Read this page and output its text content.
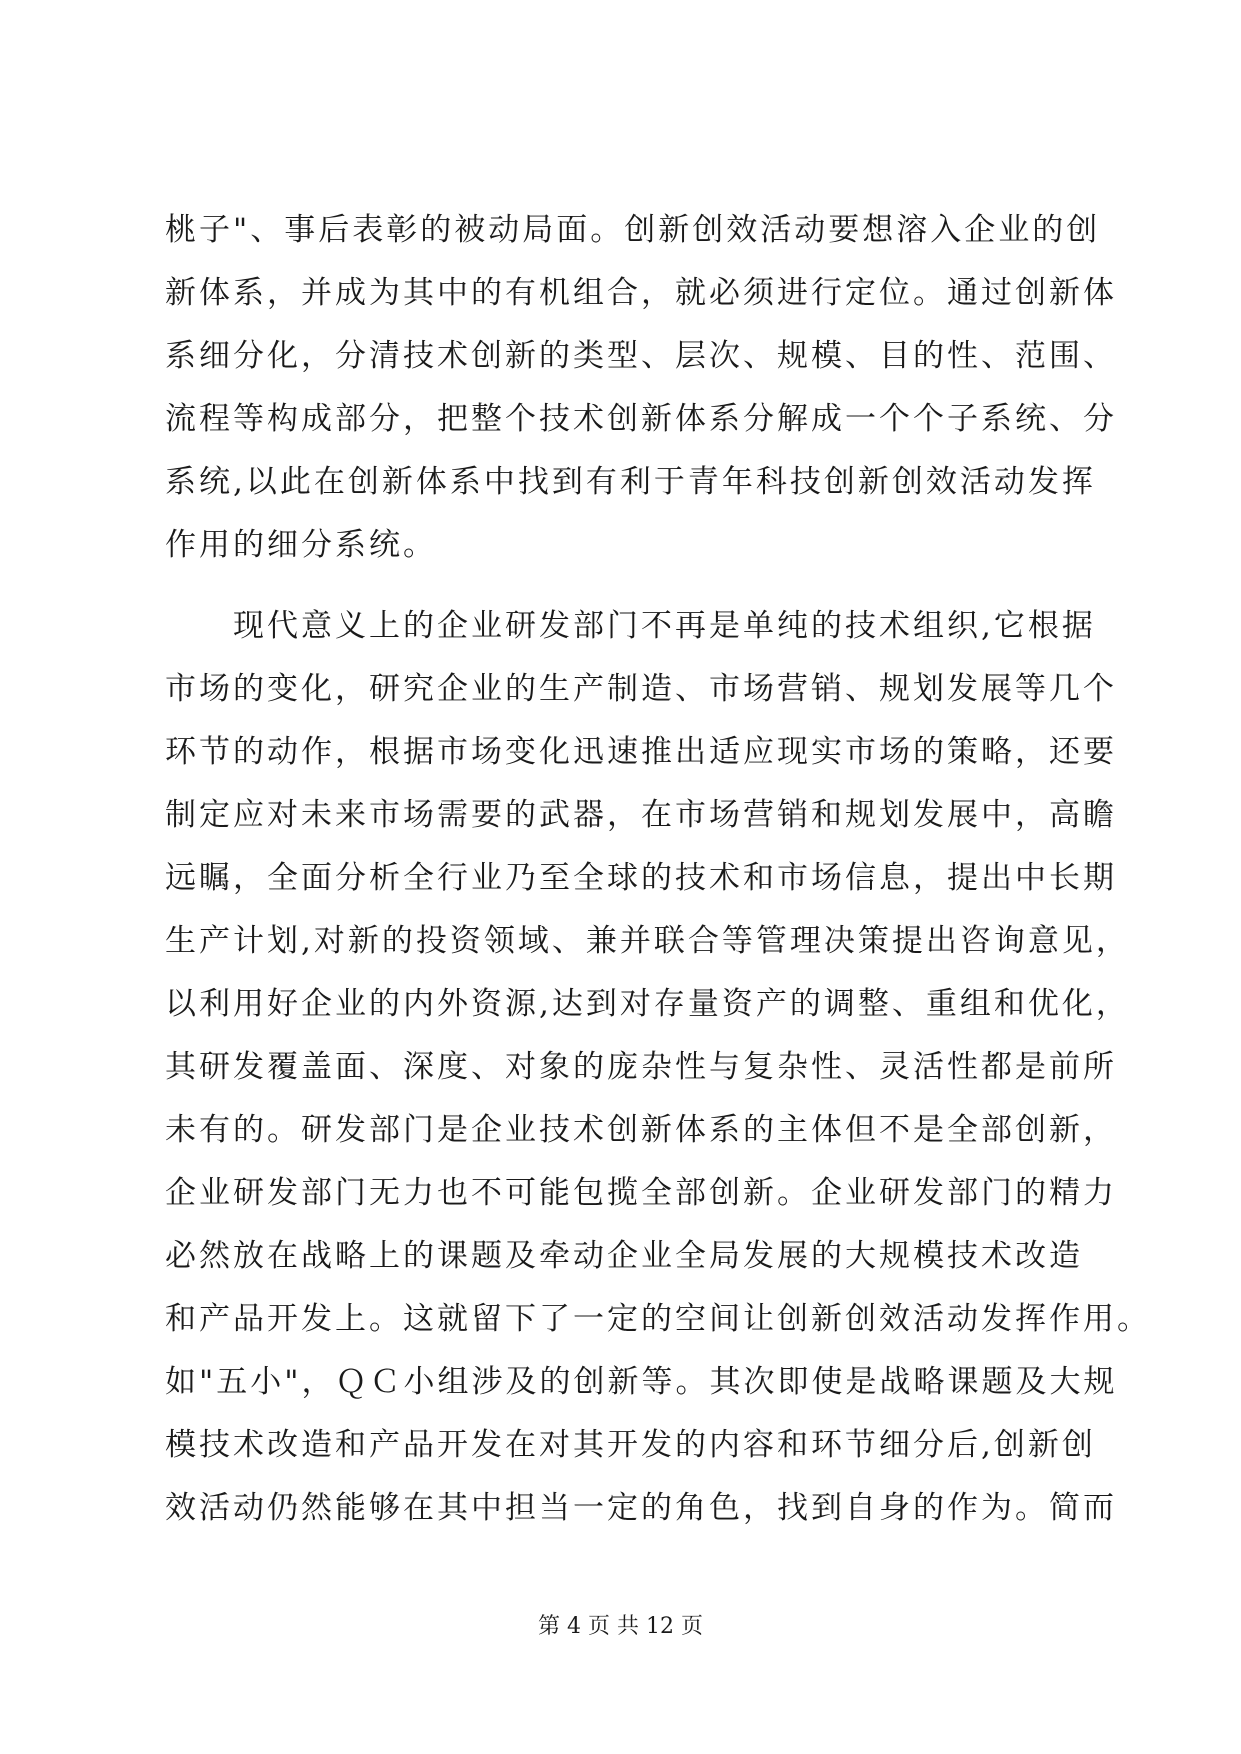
桃子"、事后表彰的被动局面。创新创效活动要想溶入企业的创
新体系，并成为其中的有机组合，就必须进行定位。通过创新体
系细分化，分清技术创新的类型、层次、规模、目的性、范围、
流程等构成部分，把整个技术创新体系分解成一个个子系统、分
系统,以此在创新体系中找到有利于青年科技创新创效活动发挥
作用的细分系统。
现代意义上的企业研发部门不再是单纯的技术组织,它根据
市场的变化，研究企业的生产制造、市场营销、规划发展等几个
环节的动作，根据市场变化迅速推出适应现实市场的策略，还要
制定应对未来市场需要的武器，在市场营销和规划发展中，高瞻
远瞩，全面分析全行业乃至全球的技术和市场信息，提出中长期
生产计划,对新的投资领域、兼并联合等管理决策提出咨询意见，
以利用好企业的内外资源,达到对存量资产的调整、重组和优化，
其研发覆盖面、深度、对象的庞杂性与复杂性、灵活性都是前所
未有的。研发部门是企业技术创新体系的主体但不是全部创新，
企业研发部门无力也不可能包揽全部创新。企业研发部门的精力
必然放在战略上的课题及牵动企业全局发展的大规模技术改造
和产品开发上。这就留下了一定的空间让创新创效活动发挥作用。
如"五小"，ＱＣ小组涉及的创新等。其次即使是战略课题及大规
模技术改造和产品开发在对其开发的内容和环节细分后,创新创
效活动仍然能够在其中担当一定的角色，找到自身的作为。简而
第 4 页 共 12 页
